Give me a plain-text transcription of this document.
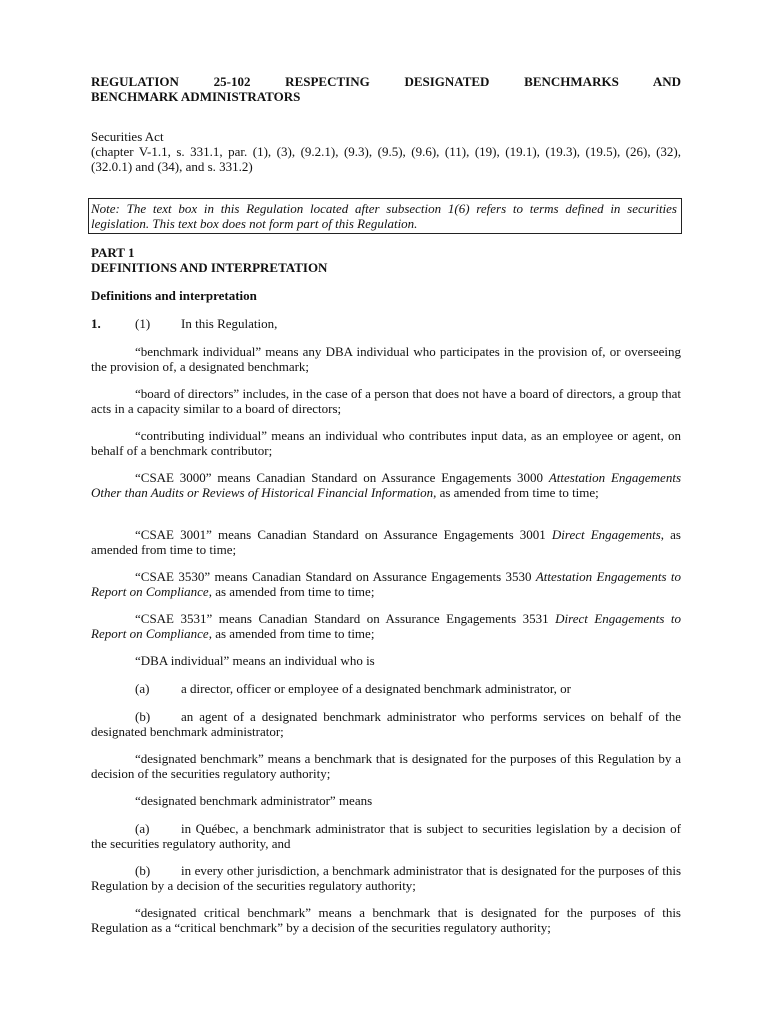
REGULATION 25-102 RESPECTING DESIGNATED BENCHMARKS AND
BENCHMARK ADMINISTRATORS
Securities Act
(chapter V-1.1, s. 331.1, par. (1), (3), (9.2.1), (9.3), (9.5), (9.6), (11), (19), (19.1), (19.3), (19.5), (26), (32), (32.0.1) and (34), and s. 331.2)
Note: The text box in this Regulation located after subsection 1(6) refers to terms defined in securities legislation. This text box does not form part of this Regulation.
PART 1
DEFINITIONS AND INTERPRETATION
Definitions and interpretation
1.	(1) In this Regulation,
“benchmark individual” means any DBA individual who participates in the provision of, or overseeing the provision of, a designated benchmark;
“board of directors” includes, in the case of a person that does not have a board of directors, a group that acts in a capacity similar to a board of directors;
“contributing individual” means an individual who contributes input data, as an employee or agent, on behalf of a benchmark contributor;
“CSAE 3000” means Canadian Standard on Assurance Engagements 3000 Attestation Engagements Other than Audits or Reviews of Historical Financial Information, as amended from time to time;
“CSAE 3001” means Canadian Standard on Assurance Engagements 3001 Direct Engagements, as amended from time to time;
“CSAE 3530” means Canadian Standard on Assurance Engagements 3530 Attestation Engagements to Report on Compliance, as amended from time to time;
“CSAE 3531” means Canadian Standard on Assurance Engagements 3531 Direct Engagements to Report on Compliance, as amended from time to time;
“DBA individual” means an individual who is
(a) a director, officer or employee of a designated benchmark administrator, or
(b) an agent of a designated benchmark administrator who performs services on behalf of the designated benchmark administrator;
“designated benchmark” means a benchmark that is designated for the purposes of this Regulation by a decision of the securities regulatory authority;
“designated benchmark administrator” means
(a) in Québec, a benchmark administrator that is subject to securities legislation by a decision of the securities regulatory authority, and
(b) in every other jurisdiction, a benchmark administrator that is designated for the purposes of this Regulation by a decision of the securities regulatory authority;
“designated critical benchmark” means a benchmark that is designated for the purposes of this Regulation as a “critical benchmark” by a decision of the securities regulatory authority;
